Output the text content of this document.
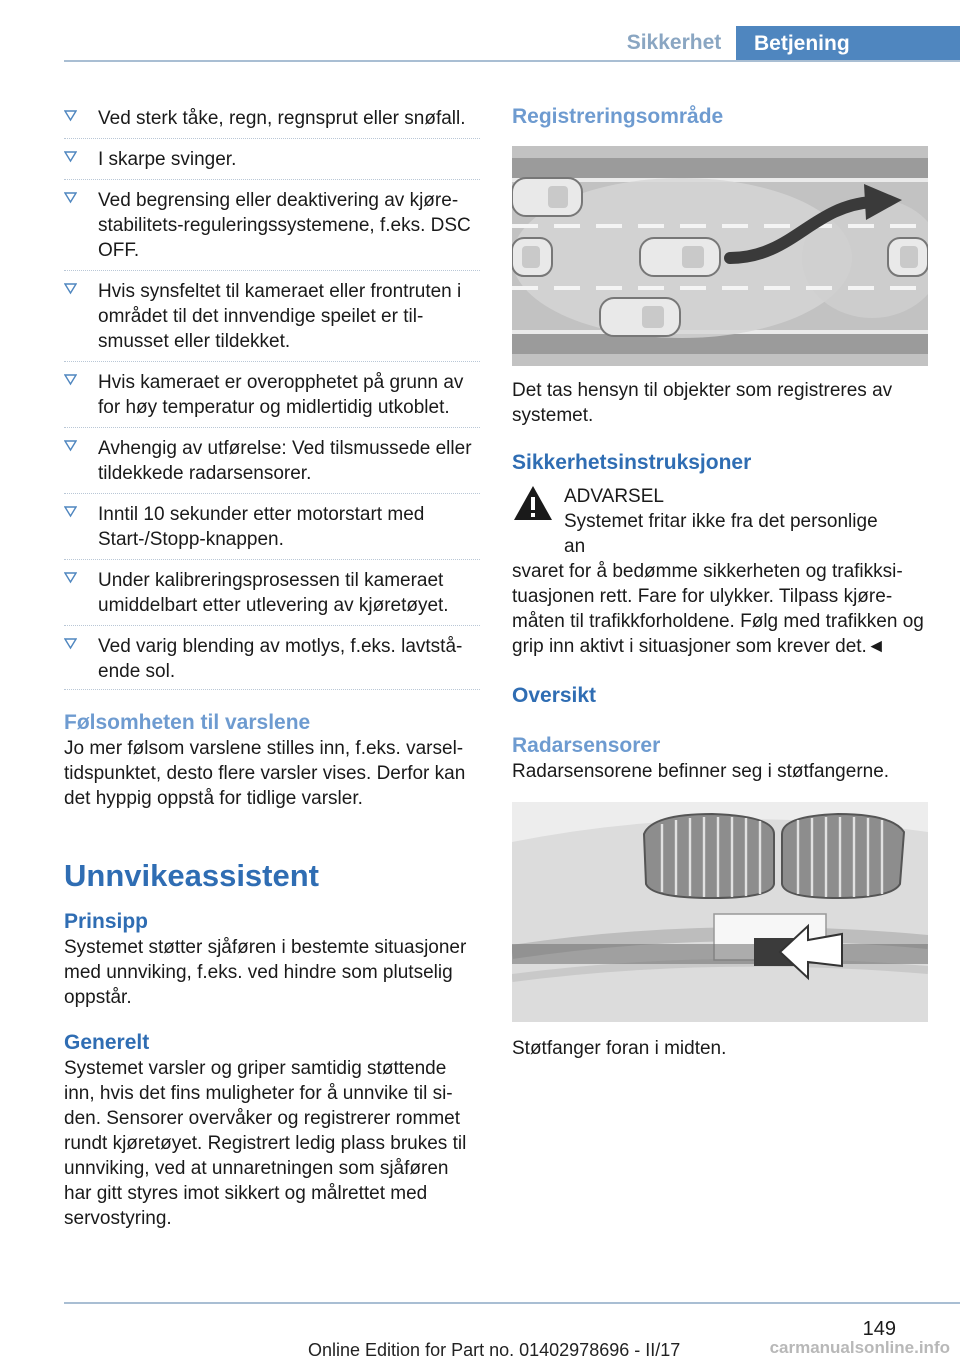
Sikkerhet	Betjening
Ved sterk tåke, regn, regnsprut eller snøfall.
I skarpe svinger.
Ved begrensing eller deaktivering av kjørestabilitets-reguleringssystemene, f.eks. DSC OFF.
Hvis synsfeltet til kameraet eller frontruten i området til det innvendige speilet er tilsmusset eller tildekket.
Hvis kameraet er overopphetet på grunn av for høy temperatur og midlertidig utkoblet.
Avhengig av utførelse: Ved tilsmussede eller tildekkede radarsensorer.
Inntil 10 sekunder etter motorstart med Start-/Stopp-knappen.
Under kalibreringsprosessen til kameraet umiddelbart etter utlevering av kjøretøyet.
Ved varig blending av motlys, f.eks. lavtstående sol.
Følsomheten til varslene

Jo mer følsom varslene stilles inn, f.eks. varseltidspunktet, desto flere varsler vises. Derfor kan det hyppig oppstå for tidlige varsler.

Unnvikeassistent
Prinsipp

Systemet støtter sjåføren i bestemte situasjoner med unnviking, f.eks. ved hindre som plutselig oppstår.

Generelt

Systemet varsler og griper samtidig støttende inn, hvis det fins muligheter for å unnvike til siden. Sensorer overvåker og registrerer rommet rundt kjøretøyet. Registrert ledig plass brukes til unnviking, ved at unnaretningen som sjåføren har gitt styres imot sikkert og målrettet med servostyring.

Registreringsområde

Det tas hensyn til objekter som registreres av systemet.

Sikkerhetsinstruksjoner

ADVARSEL

Systemet fritar ikke fra det personlige an

svaret for å bedømme sikkerheten og trafikksituasjonen rett. Fare for ulykker. Tilpass kjøremåten til trafikkforholdene. Følg med trafikken og grip inn aktivt i situasjoner som krever det.◄

Oversikt
Radarsensorer

Radarsensorene befinner seg i støtfangerne.

Støtfanger foran i midten.

149
Online Edition for Part no. 01402978696 - II/17	carmanualsonline.info
